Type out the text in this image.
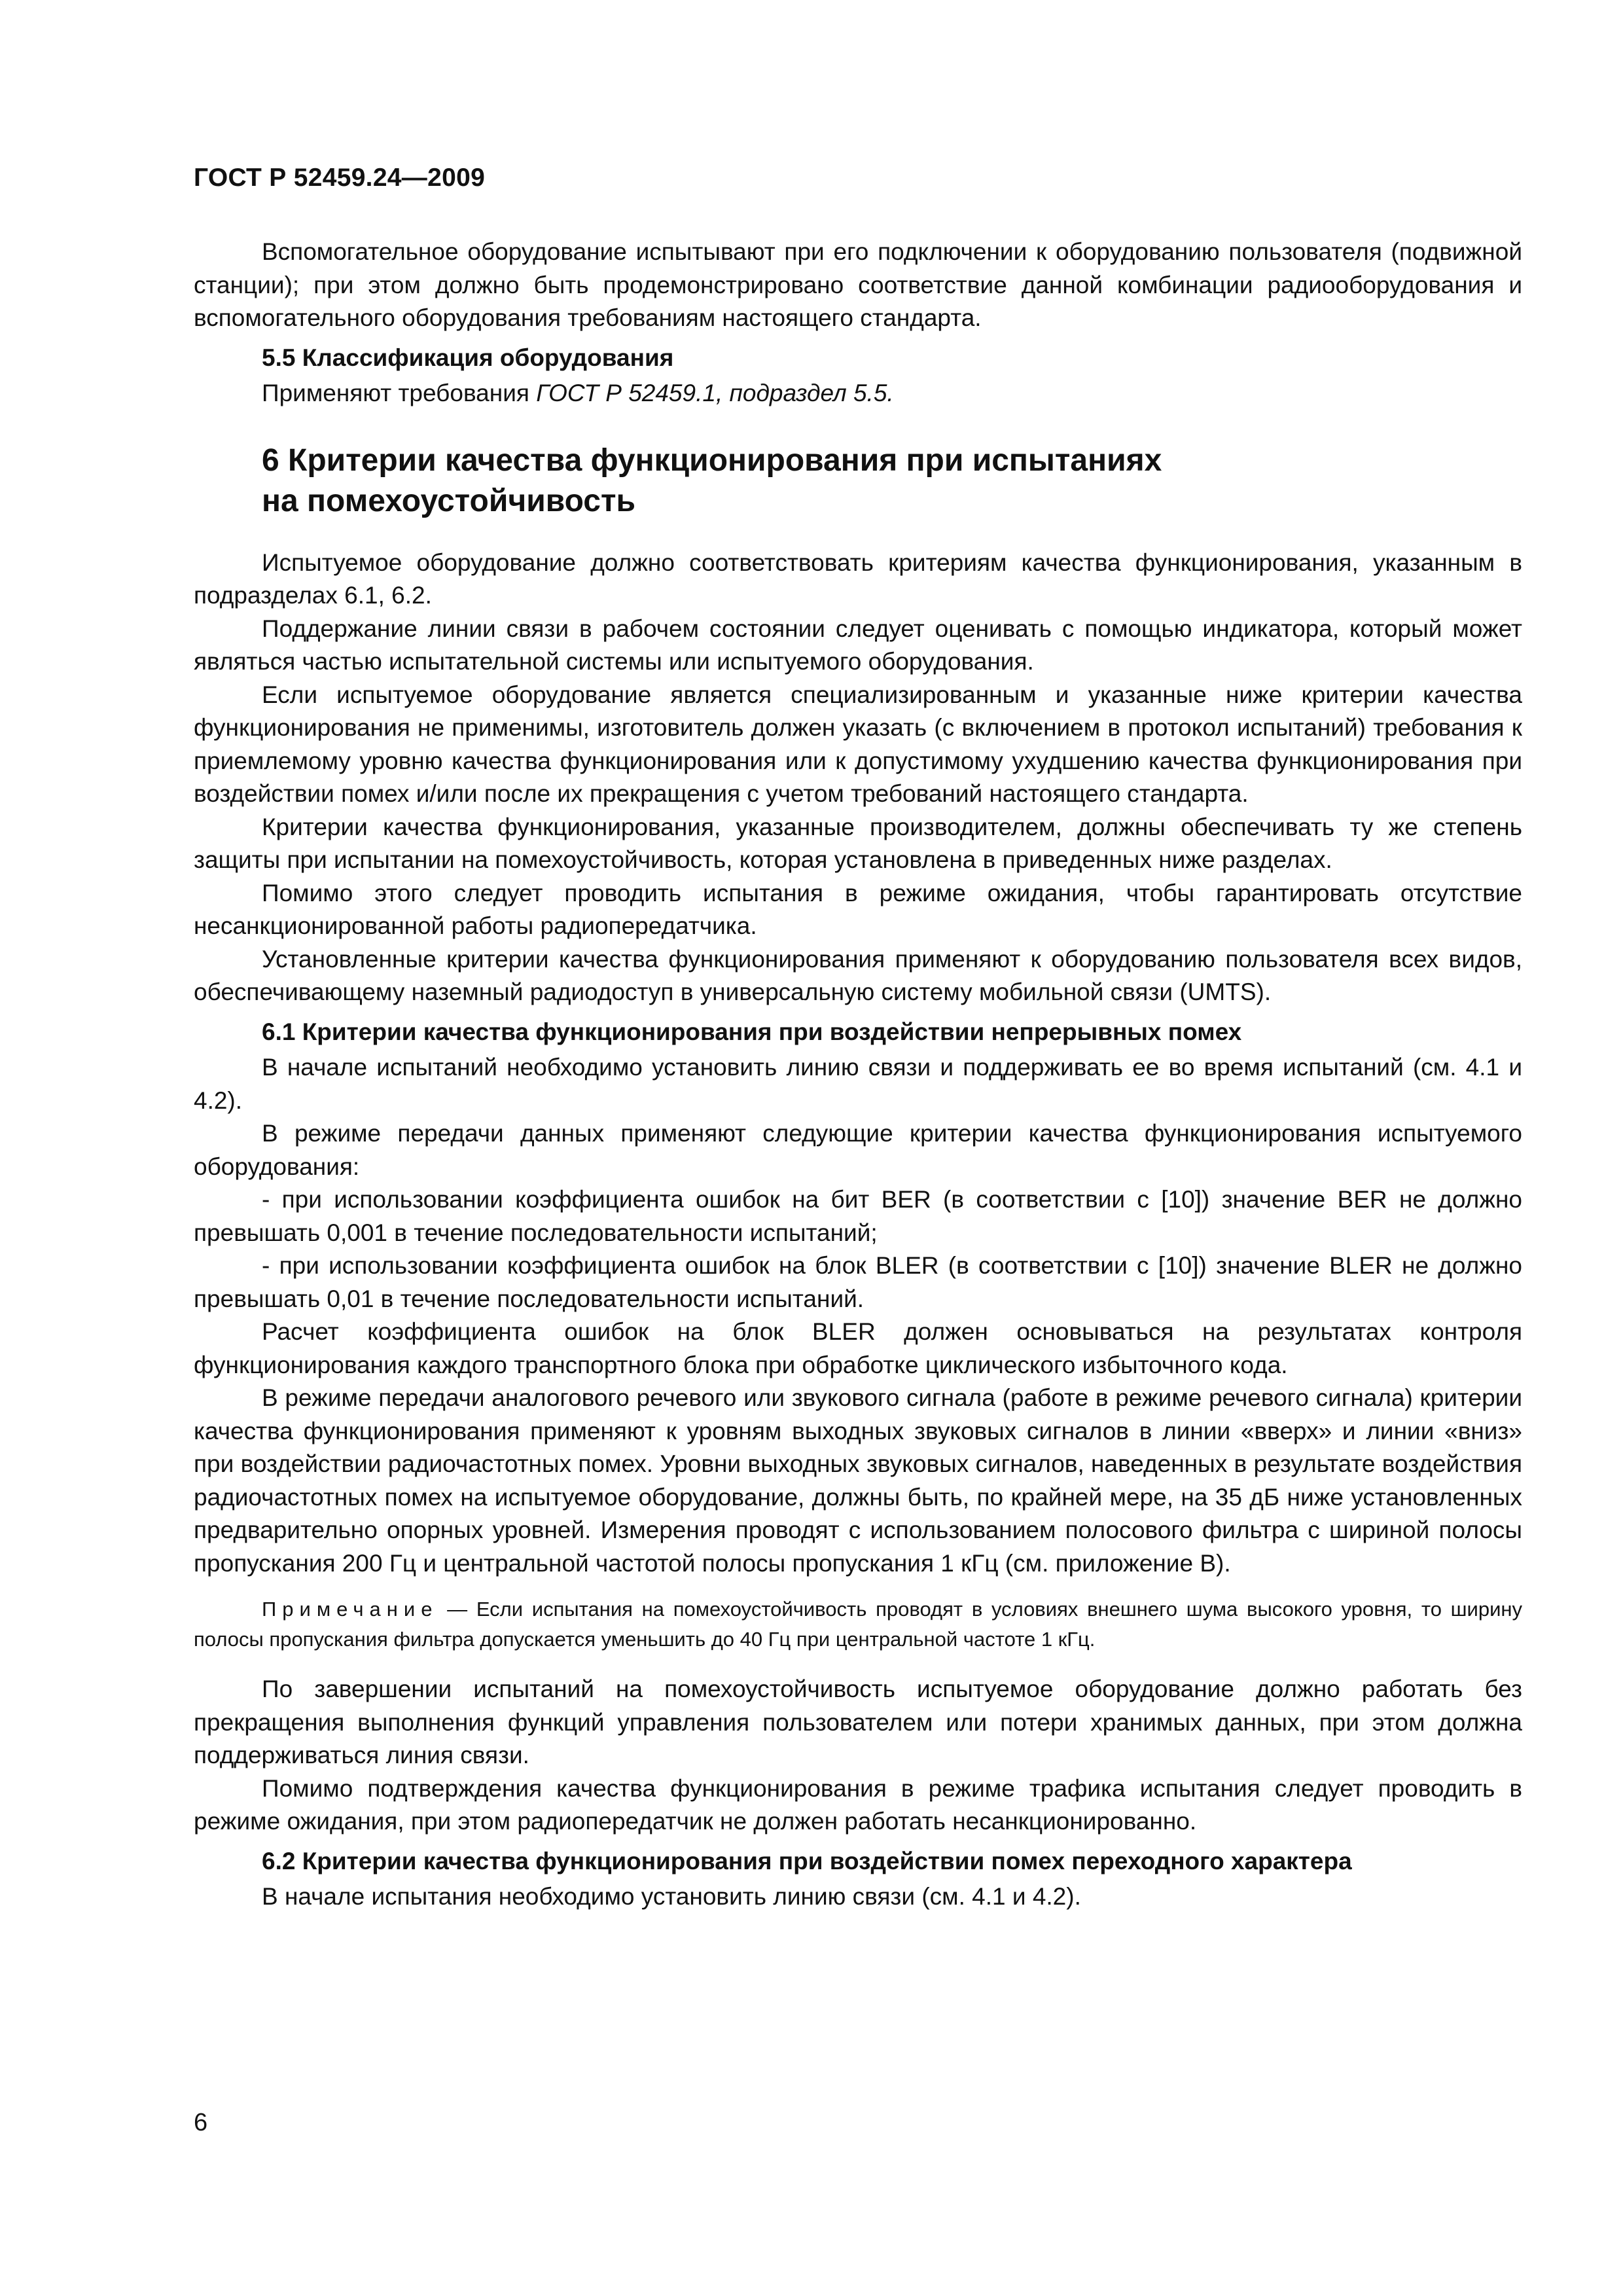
ГОСТ Р 52459.24—2009

Вспомогательное оборудование испытывают при его подключении к оборудованию пользователя (подвижной станции); при этом должно быть продемонстрировано соответствие данной комбинации радиооборудования и вспомогательного оборудования требованиям настоящего стандарта.

5.5 Классификация оборудования

Применяют требования ГОСТ Р 52459.1, подраздел 5.5.

6 Критерии качества функционирования при испытаниях
на помехоустойчивость

Испытуемое оборудование должно соответствовать критериям качества функционирования, указанным в подразделах 6.1, 6.2.

Поддержание линии связи в рабочем состоянии следует оценивать с помощью индикатора, который может являться частью испытательной системы или испытуемого оборудования.

Если испытуемое оборудование является специализированным и указанные ниже критерии качества функционирования не применимы, изготовитель должен указать (с включением в протокол испытаний) требования к приемлемому уровню качества функционирования или к допустимому ухудшению качества функционирования при воздействии помех и/или после их прекращения с учетом требований настоящего стандарта.

Критерии качества функционирования, указанные производителем, должны обеспечивать ту же степень защиты при испытании на помехоустойчивость, которая установлена в приведенных ниже разделах.

Помимо этого следует проводить испытания в режиме ожидания, чтобы гарантировать отсутствие несанкционированной работы радиопередатчика.

Установленные критерии качества функционирования применяют к оборудованию пользователя всех видов, обеспечивающему наземный радиодоступ в универсальную систему мобильной связи (UMTS).

6.1 Критерии качества функционирования при воздействии непрерывных помех

В начале испытаний необходимо установить линию связи и поддерживать ее во время испытаний (см. 4.1 и 4.2).

В режиме передачи данных применяют следующие критерии качества функционирования испытуемого оборудования:

- при использовании коэффициента ошибок на бит BER (в соответствии с [10]) значение BER не должно превышать 0,001 в течение последовательности испытаний;

- при использовании коэффициента ошибок на блок BLER (в соответствии с [10]) значение BLER не должно превышать 0,01 в течение последовательности испытаний.

Расчет коэффициента ошибок на блок BLER должен основываться на результатах контроля функционирования каждого транспортного блока при обработке циклического избыточного кода.

В режиме передачи аналогового речевого или звукового сигнала (работе в режиме речевого сигнала) критерии качества функционирования применяют к уровням выходных звуковых сигналов в линии «вверх» и линии «вниз» при воздействии радиочастотных помех. Уровни выходных звуковых сигналов, наведенных в результате воздействия радиочастотных помех на испытуемое оборудование, должны быть, по крайней мере, на 35 дБ ниже установленных предварительно опорных уровней. Измерения проводят с использованием полосового фильтра с шириной полосы пропускания 200 Гц и центральной частотой полосы пропускания 1 кГц (см. приложение В).

Примечание — Если испытания на помехоустойчивость проводят в условиях внешнего шума высокого уровня, то ширину полосы пропускания фильтра допускается уменьшить до 40 Гц при центральной частоте 1 кГц.

По завершении испытаний на помехоустойчивость испытуемое оборудование должно работать без прекращения выполнения функций управления пользователем или потери хранимых данных, при этом должна поддерживаться линия связи.

Помимо подтверждения качества функционирования в режиме трафика испытания следует проводить в режиме ожидания, при этом радиопередатчик не должен работать несанкционированно.

6.2 Критерии качества функционирования при воздействии помех переходного характера

В начале испытания необходимо установить линию связи (см. 4.1 и 4.2).

6
